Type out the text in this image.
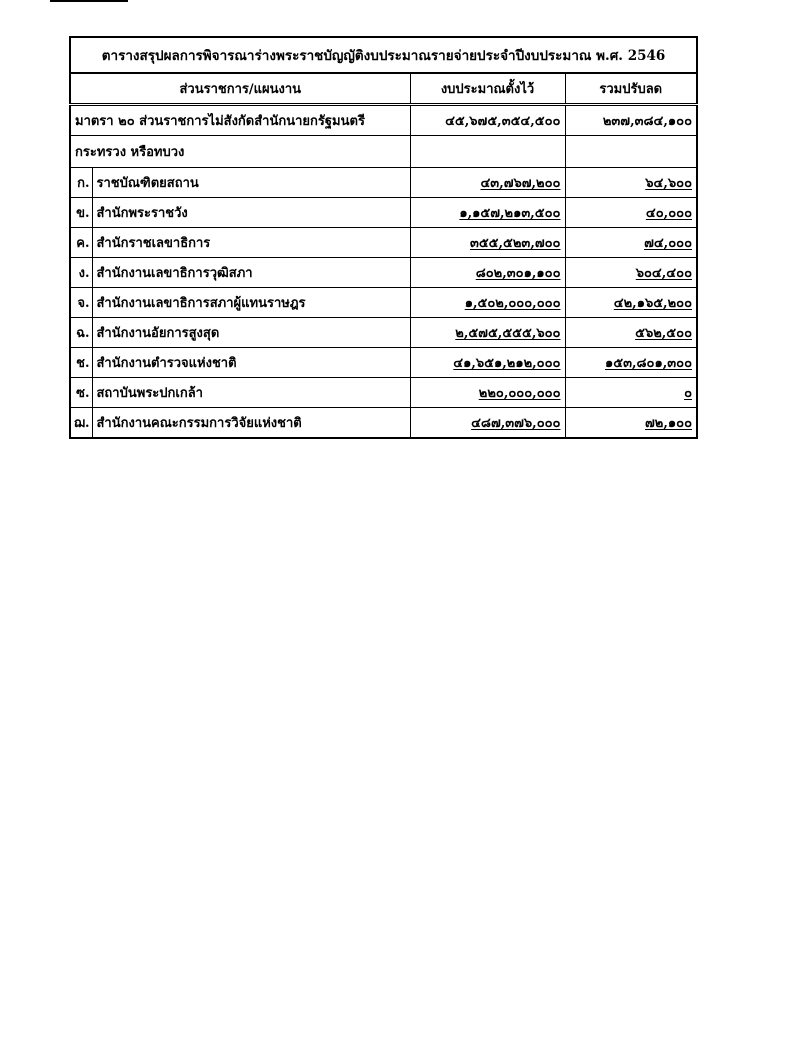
ตารางสรุปผลการพิจารณาร่างพระราชบัญญัติงบประมาณรายจ่ายประจำปีงบประมาณ พ.ศ. 2546			
ส่วนราชการ/แผนงาน		งบประมาณตั้งไว้	รวมปรับลด
มาตรา ๒๐ ส่วนราชการไม่สังกัดสำนักนายกรัฐมนตรี		๔๕,๖๗๕,๓๕๔,๕๐๐	๒๓๗,๓๘๔,๑๐๐
กระทรวง หรือทบวง			
ก.	ราชบัณฑิตยสถาน	๔๓,๗๖๗,๒๐๐	๖๔,๖๐๐
ข.	สำนักพระราชวัง	๑,๑๕๗,๒๑๓,๕๐๐	๔๐,๐๐๐
ค.	สำนักราชเลขาธิการ	๓๕๕,๕๒๓,๗๐๐	๗๔,๐๐๐
ง.	สำนักงานเลขาธิการวุฒิสภา	๘๐๒,๓๐๑,๑๐๐	๖๐๔,๔๐๐
จ.	สำนักงานเลขาธิการสภาผู้แทนราษฎร	๑,๕๐๒,๐๐๐,๐๐๐	๔๒,๑๖๕,๒๐๐
ฉ.	สำนักงานอัยการสูงสุด	๒,๕๗๕,๕๕๕,๖๐๐	๕๖๒,๕๐๐
ช.	สำนักงานตำรวจแห่งชาติ	๔๑,๖๕๑,๒๑๒,๐๐๐	๑๕๓,๘๐๑,๓๐๐
ซ.	สถาบันพระปกเกล้า	๒๒๐,๐๐๐,๐๐๐	๐
ฌ.	สำนักงานคณะกรรมการวิจัยแห่งชาติ	๔๘๗,๓๗๖,๐๐๐	๗๒,๑๐๐
